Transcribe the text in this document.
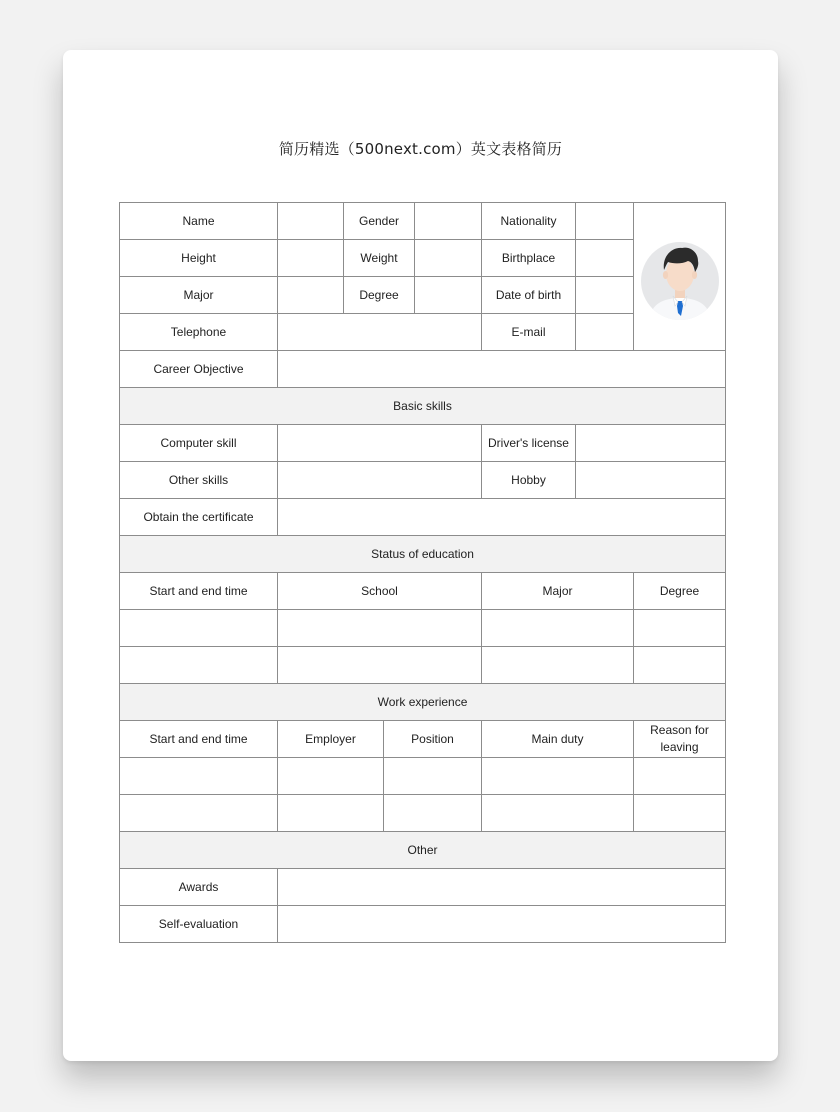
简历精选（500next.com）英文表格简历
Name		Gender			Nationality		

Height		Weight			Birthplace		
Major		Degree			Date of birth		
Telephone					E-mail		
Career Objective							
Basic skills							
Computer skill					Driver's license		
Other skills					Hobby		
Obtain the certificate							
Status of education							
Start and end time	School				Major		Degree

Work experience							
Start and end time	Employer		Position		Main duty		Reason for leaving

Other							
Awards							
Self-evaluation							
